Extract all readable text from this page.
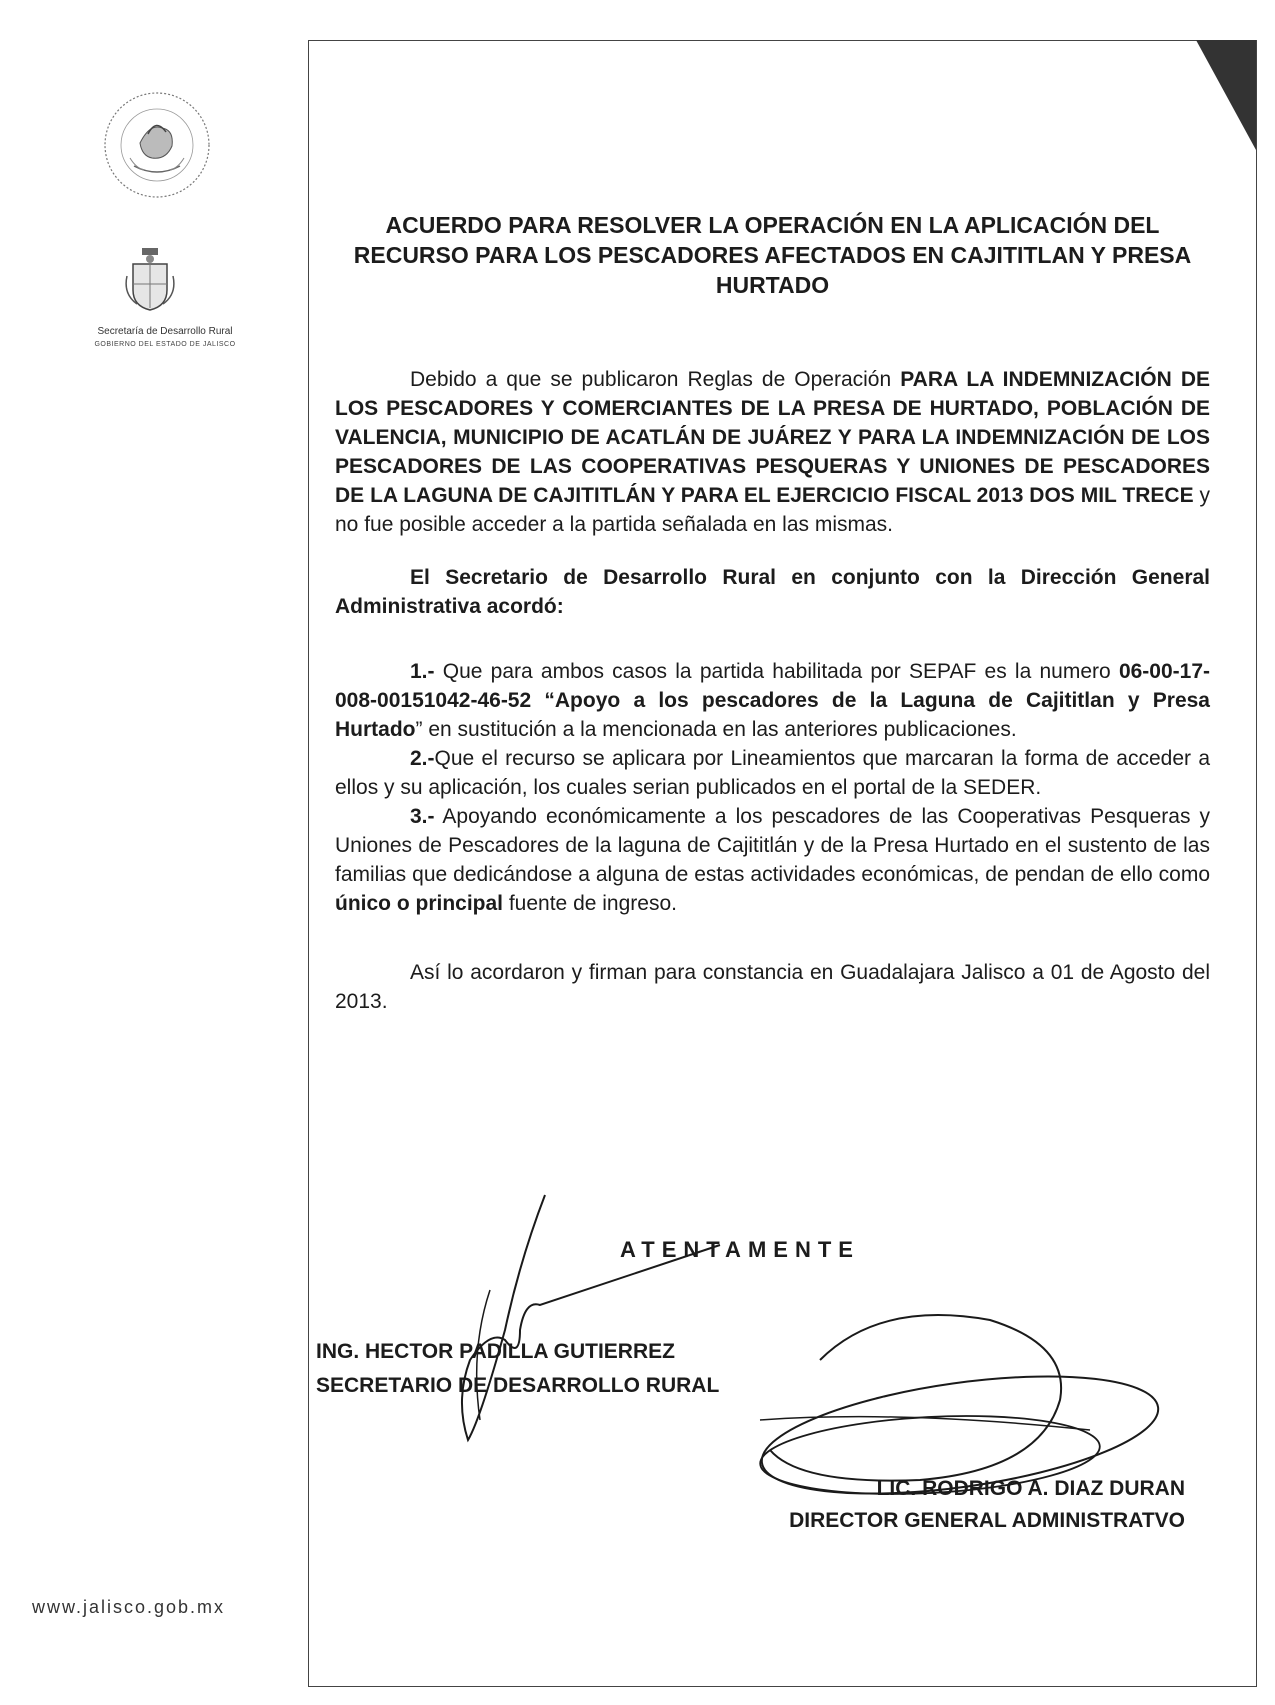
Secretaría de Desarrollo Rural
GOBIERNO DEL ESTADO DE JALISCO
www.jalisco.gob.mx
ACUERDO PARA RESOLVER LA OPERACIÓN EN LA APLICACIÓN DEL RECURSO PARA LOS PESCADORES AFECTADOS EN CAJITITLAN Y PRESA HURTADO

Debido a que se publicaron Reglas de Operación PARA LA INDEMNIZACIÓN DE LOS PESCADORES Y COMERCIANTES DE LA PRESA DE HURTADO, POBLACIÓN DE VALENCIA, MUNICIPIO DE ACATLÁN DE JUÁREZ Y PARA LA INDEMNIZACIÓN DE LOS PESCADORES DE LAS COOPERATIVAS PESQUERAS Y UNIONES DE PESCADORES DE LA LAGUNA DE CAJITITLÁN Y PARA EL EJERCICIO FISCAL 2013 DOS MIL TRECE y no fue posible acceder a la partida señalada en las mismas.

El Secretario de Desarrollo Rural en conjunto con la Dirección General Administrativa acordó:

1.- Que para ambos casos la partida habilitada por SEPAF es la numero 06-00-17-008-00151042-46-52 “Apoyo a los pescadores de la Laguna de Cajititlan y Presa Hurtado” en sustitución a la mencionada en las anteriores publicaciones.

2.-Que el recurso se aplicara por Lineamientos que marcaran la forma de acceder a ellos y su aplicación, los cuales serian publicados en el portal de la SEDER.

3.- Apoyando económicamente a los pescadores de las Cooperativas Pesqueras y Uniones de Pescadores de la laguna de Cajititlán y de la Presa Hurtado en el sustento de las familias que dedicándose a alguna de estas actividades económicas, de pendan de ello como único o principal fuente de ingreso.

Así lo acordaron y firman para constancia en Guadalajara Jalisco a 01 de Agosto del 2013.

ATENTAMENTE
ING. HECTOR PADILLA GUTIERREZ
SECRETARIO DE DESARROLLO RURAL
LIC. RODRIGO A. DIAZ DURAN
DIRECTOR GENERAL ADMINISTRATVO
